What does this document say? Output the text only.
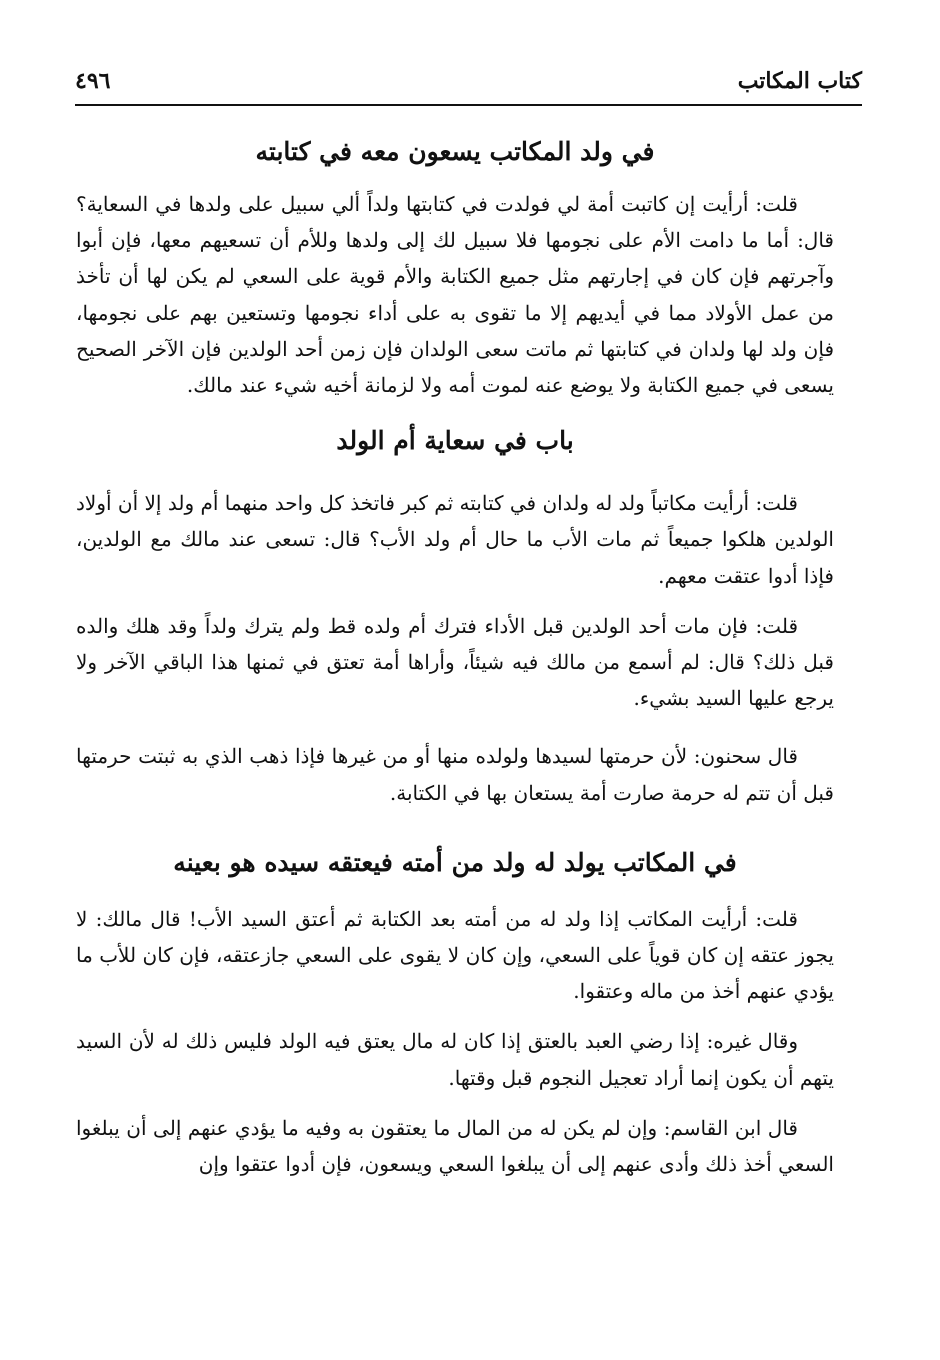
كتاب المكاتب
٤٩٦
في ولد المكاتب يسعون معه في كتابته

قلت: أرأيت إن كاتبت أمة لي فولدت في كتابتها ولداً ألي سبيل على ولدها في السعاية؟ قال: أما ما دامت الأم على نجومها فلا سبيل لك إلى ولدها وللأم أن تسعيهم معها، فإن أبوا وآجرتهم فإن كان في إجارتهم مثل جميع الكتابة والأم قوية على السعي لم يكن لها أن تأخذ من عمل الأولاد مما في أيديهم إلا ما تقوى به على أداء نجومها وتستعين بهم على نجومها، فإن ولد لها ولدان في كتابتها ثم ماتت سعى الولدان فإن زمن أحد الولدين فإن الآخر الصحيح يسعى في جميع الكتابة ولا يوضع عنه لموت أمه ولا لزمانة أخيه شيء عند مالك.

باب في سعاية أم الولد

قلت: أرأيت مكاتباً ولد له ولدان في كتابته ثم كبر فاتخذ كل واحد منهما أم ولد إلا أن أولاد الولدين هلكوا جميعاً ثم مات الأب ما حال أم ولد الأب؟ قال: تسعى عند مالك مع الولدين، فإذا أدوا عتقت معهم.

قلت: فإن مات أحد الولدين قبل الأداء فترك أم ولده قط ولم يترك ولداً وقد هلك والده قبل ذلك؟ قال: لم أسمع من مالك فيه شيئاً، وأراها أمة تعتق في ثمنها هذا الباقي الآخر ولا يرجع عليها السيد بشيء.

قال سحنون: لأن حرمتها لسيدها ولولده منها أو من غيرها فإذا ذهب الذي به ثبتت حرمتها قبل أن تتم له حرمة صارت أمة يستعان بها في الكتابة.

في المكاتب يولد له ولد من أمته فيعتقه سيده هو بعينه

قلت: أرأيت المكاتب إذا ولد له من أمته بعد الكتابة ثم أعتق السيد الأب! قال مالك: لا يجوز عتقه إن كان قوياً على السعي، وإن كان لا يقوى على السعي جازعتقه، فإن كان للأب ما يؤدي عنهم أخذ من ماله وعتقوا.

وقال غيره: إذا رضي العبد بالعتق إذا كان له مال يعتق فيه الولد فليس ذلك له لأن السيد يتهم أن يكون إنما أراد تعجيل النجوم قبل وقتها.

قال ابن القاسم: وإن لم يكن له من المال ما يعتقون به وفيه ما يؤدي عنهم إلى أن يبلغوا السعي أخذ ذلك وأدى عنهم إلى أن يبلغوا السعي ويسعون، فإن أدوا عتقوا وإن
